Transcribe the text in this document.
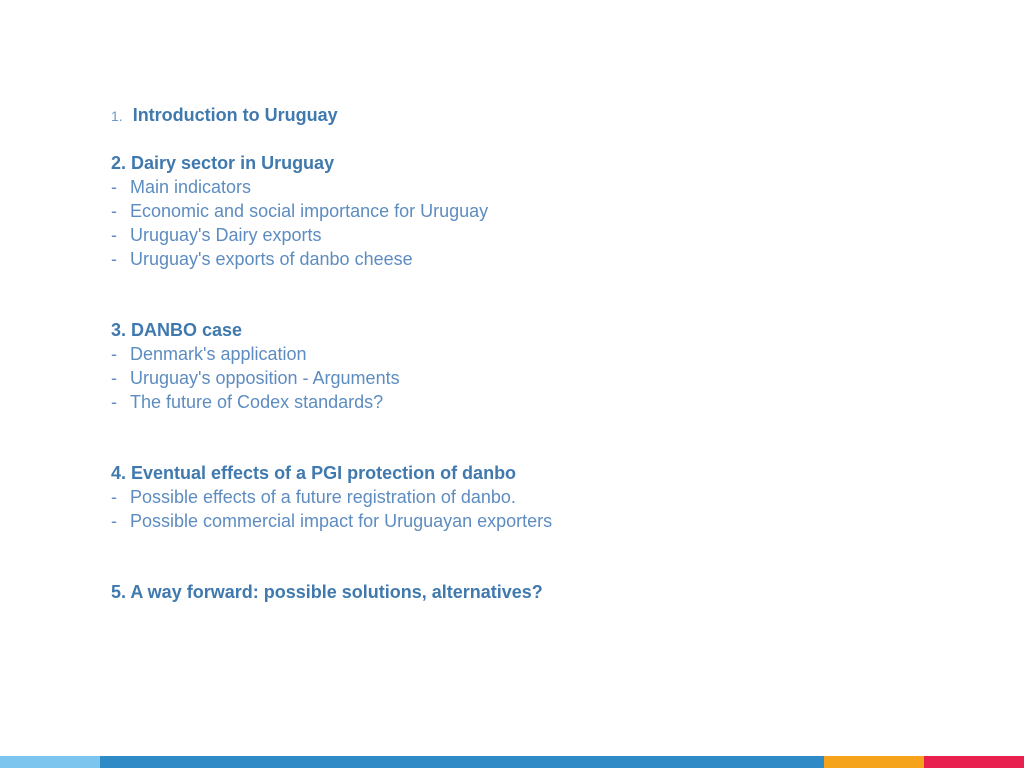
1. Introduction to Uruguay
2. Dairy sector in Uruguay
- Main indicators
- Economic and social importance for Uruguay
- Uruguay's Dairy exports
- Uruguay's exports of danbo cheese
3. DANBO case
- Denmark's application
- Uruguay's opposition - Arguments
- The future of Codex standards?
4. Eventual effects of a PGI protection of danbo
- Possible effects of a future registration of danbo.
- Possible commercial impact for Uruguayan exporters
5. A way forward: possible solutions, alternatives?
